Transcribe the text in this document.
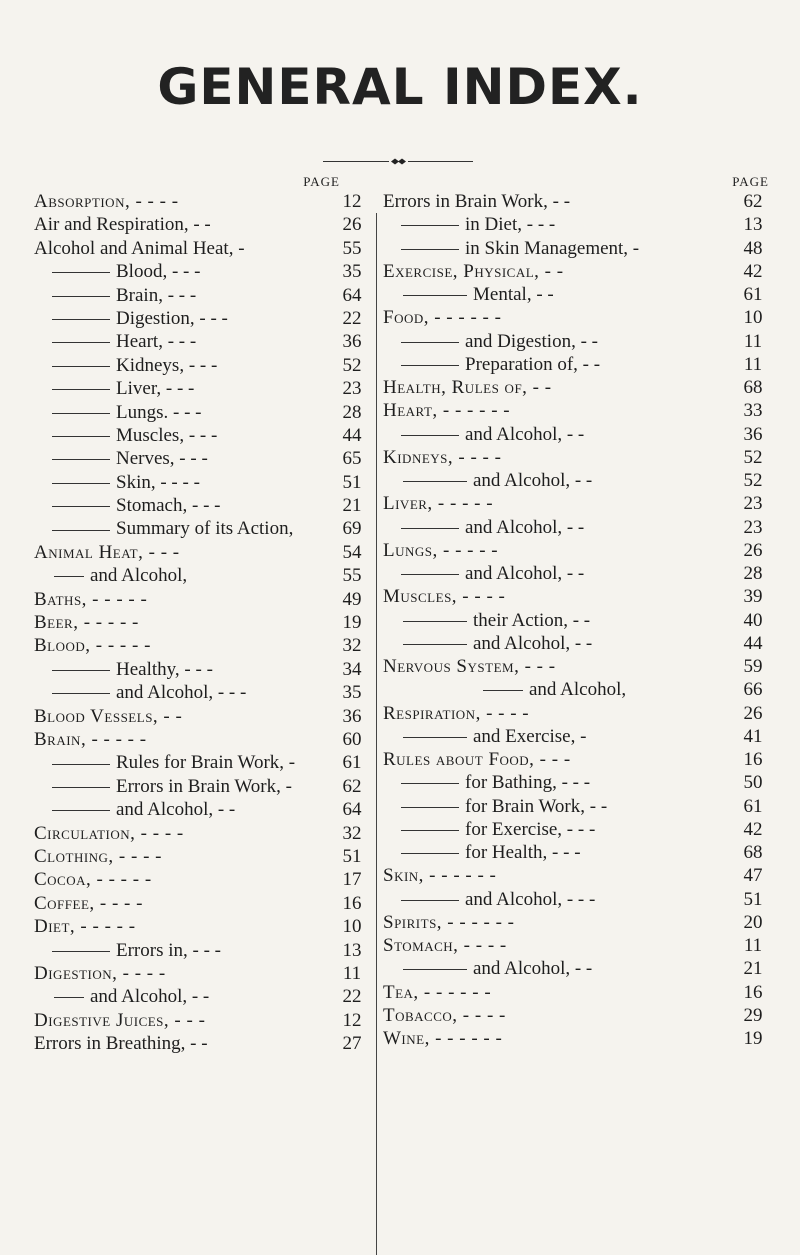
GENERAL INDEX.
PAGE
Absorption, - - - -	12
Air and Respiration, - -	26
Alcohol and Animal Heat, -	55
Blood, - - -	35
Brain, - - -	64
Digestion, - - -	22
Heart, - - -	36
Kidneys, - - -	52
Liver, - - -	23
Lungs. - - -	28
Muscles, - - -	44
Nerves, - - -	65
Skin, - - - -	51
Stomach, - - -	21
Summary of its Action,	69
Animal Heat, - - -	54
and Alcohol,	55
Baths, - - - - -	49
Beer, - - - - -	19
Blood, - - - - -	32
Healthy, - - -	34
and Alcohol, - - -	35
Blood Vessels, - -	36
Brain, - - - - -	60
Rules for Brain Work, -	61
Errors in Brain Work, -	62
and Alcohol, - -	64
Circulation, - - - -	32
Clothing, - - - -	51
Cocoa, - - - - -	17
Coffee, - - - -	16
Diet, - - - - -	10
Errors in, - - -	13
Digestion, - - - -	11
and Alcohol, - -	22
Digestive Juices, - - -	12
Errors in Breathing, - -	27
PAGE
Errors in Brain Work, - -	62
in Diet, - - -	13
in Skin Management, -	48
Exercise, Physical, - -	42
Mental, - -	61
Food, - - - - - -	10
and Digestion, - -	11
Preparation of, - -	11
Health, Rules of, - -	68
Heart, - - - - - -	33
and Alcohol, - -	36
Kidneys, - - - -	52
and Alcohol, - -	52
Liver, - - - - -	23
and Alcohol, - -	23
Lungs, - - - - -	26
and Alcohol, - -	28
Muscles, - - - -	39
their Action, - -	40
and Alcohol, - -	44
Nervous System, - - -	59
and Alcohol,	66
Respiration, - - - -	26
and Exercise, -	41
Rules about Food, - - -	16
for Bathing, - - -	50
for Brain Work, - -	61
for Exercise, - - -	42
for Health, - - -	68
Skin, - - - - - -	47
and Alcohol, - - -	51
Spirits, - - - - - -	20
Stomach, - - - -	11
and Alcohol, - -	21
Tea, - - - - - -	16
Tobacco, - - - -	29
Wine, - - - - - -	19
